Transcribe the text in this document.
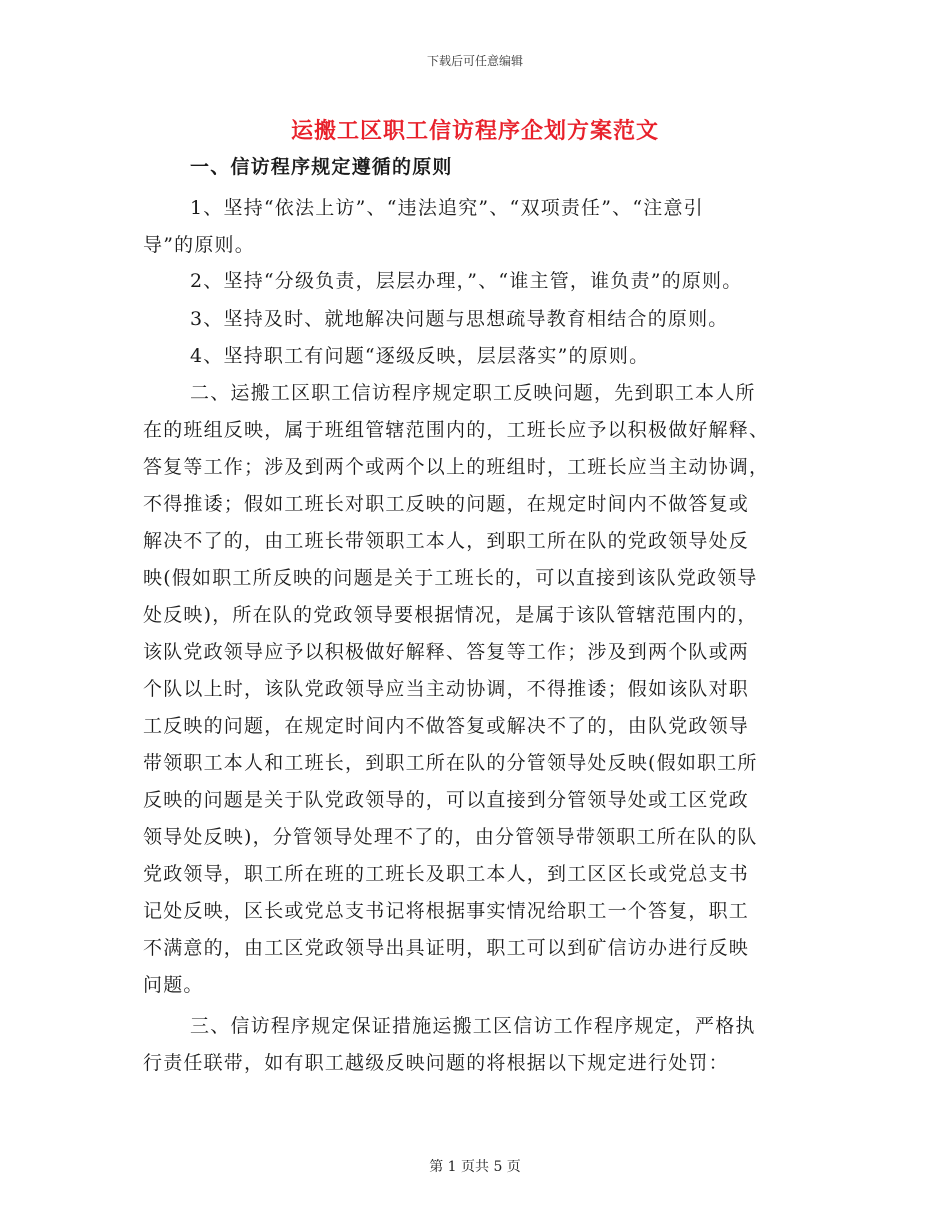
下载后可任意编辑
运搬工区职工信访程序企划方案范文
一、信访程序规定遵循的原则
1、坚持“依法上访”、“违法追究”、“双项责任”、“注意引
导”的原则。
2、坚持“分级负责，层层办理，”、“谁主管，谁负责”的原则。
3、坚持及时、就地解决问题与思想疏导教育相结合的原则。
4、坚持职工有问题“逐级反映，层层落实”的原则。
二、运搬工区职工信访程序规定职工反映问题，先到职工本人所
在的班组反映，属于班组管辖范围内的，工班长应予以积极做好解释、
答复等工作；涉及到两个或两个以上的班组时，工班长应当主动协调，
不得推诿；假如工班长对职工反映的问题，在规定时间内不做答复或
解决不了的，由工班长带领职工本人，到职工所在队的党政领导处反
映(假如职工所反映的问题是关于工班长的，可以直接到该队党政领导
处反映)，所在队的党政领导要根据情况，是属于该队管辖范围内的，
该队党政领导应予以积极做好解释、答复等工作；涉及到两个队或两
个队以上时，该队党政领导应当主动协调，不得推诿；假如该队对职
工反映的问题，在规定时间内不做答复或解决不了的，由队党政领导
带领职工本人和工班长，到职工所在队的分管领导处反映(假如职工所
反映的问题是关于队党政领导的，可以直接到分管领导处或工区党政
领导处反映)，分管领导处理不了的，由分管领导带领职工所在队的队
党政领导，职工所在班的工班长及职工本人，到工区区长或党总支书
记处反映，区长或党总支书记将根据事实情况给职工一个答复，职工
不满意的，由工区党政领导出具证明，职工可以到矿信访办进行反映
问题。
三、信访程序规定保证措施运搬工区信访工作程序规定，严格执
行责任联带，如有职工越级反映问题的将根据以下规定进行处罚：
第 1 页共 5 页
